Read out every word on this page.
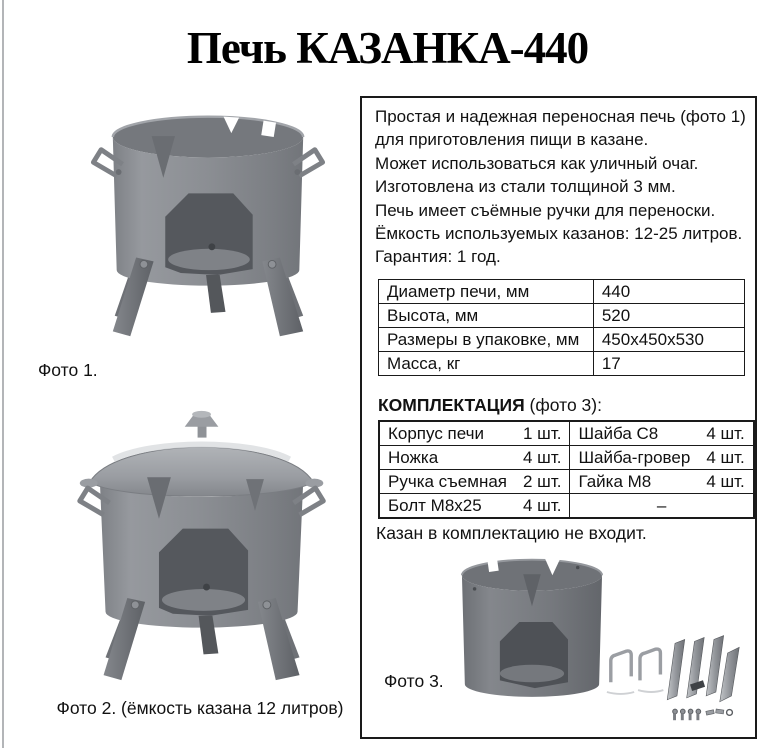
Печь КАЗАНКА-440
Фото 1.
Фото 2. (ёмкость казана 12 литров)
Простая и надежная переносная печь (фото 1)
для приготовления пищи в казане.
Может использоваться как уличный очаг.
Изготовлена из стали толщиной 3 мм.
Печь имеет съёмные ручки для переноски.
Ёмкость используемых казанов: 12-25 литров.
Гарантия: 1 год.
Диаметр печи, мм	440
Высота, мм	520
Размеры в упаковке, мм	450х450х530
Масса, кг	17
КОМПЛЕКТАЦИЯ (фото 3):
Корпус печи	1 шт.	Шайба С8	4 шт.
Ножка	4 шт.	Шайба-гровер	4 шт.
Ручка съемная	2 шт.	Гайка М8	4 шт.
Болт М8х25	4 шт.	–	
Казан в комплектацию не входит.
Фото 3.
